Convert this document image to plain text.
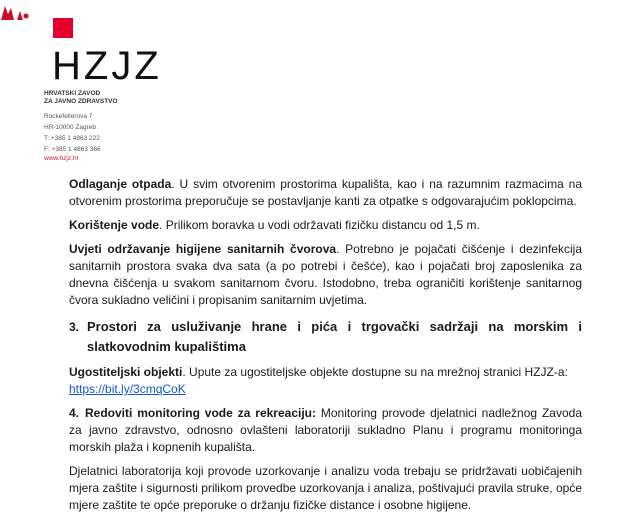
HZJZ
HRVATSKI ZAVOD
ZA JAVNO ZDRAVSTVO
Rockefellerova 7
HR-10000 Zagreb
T: +385 1 4863 222
F: +385 1 4863 366
www.hzjz.hr

Odlaganje otpada. U svim otvorenim prostorima kupališta, kao i na razumnim razmacima na otvorenim prostorima preporučuje se postavljanje kanti za otpatke s odgovarajućim poklopcima.

Korištenje vode. Prilikom boravka u vodi održavati fizičku distancu od 1,5 m.

Uvjeti održavanje higijene sanitarnih čvorova. Potrebno je pojačati čišćenje i dezinfekcija sanitarnih prostora svaka dva sata (a po potrebi i češće), kao i pojačati broj zaposlenika za dnevna čišćenja u svakom sanitarnom čvoru. Istodobno, treba ograničiti korištenje sanitarnog čvora sukladno veličini i propisanim sanitarnim uvjetima.

3. Prostori za usluživanje hrane i pića i trgovački sadržaji na morskim i slatkovodnim kupalištima

Ugostiteljski objekti. Upute za ugostiteljske objekte dostupne su na mrežnoj stranici HZJZ-a:
https://bit.ly/3cmqCoK

4. Redoviti monitoring vode za rekreaciju: Monitoring provode djelatnici nadležnog Zavoda za javno zdravstvo, odnosno ovlašteni laboratoriji sukladno Planu i programu monitoringa morskih plaža i kopnenih kupališta.

Djelatnici laboratorija koji provode uzorkovanje i analizu voda trebaju se pridržavati uobičajenih mjera zaštite i sigurnosti prilikom provedbe uzorkovanja i analiza, poštivajući pravila struke, opće mjere zaštite te opće preporuke o držanju fizičke distance i osobne higijene.
